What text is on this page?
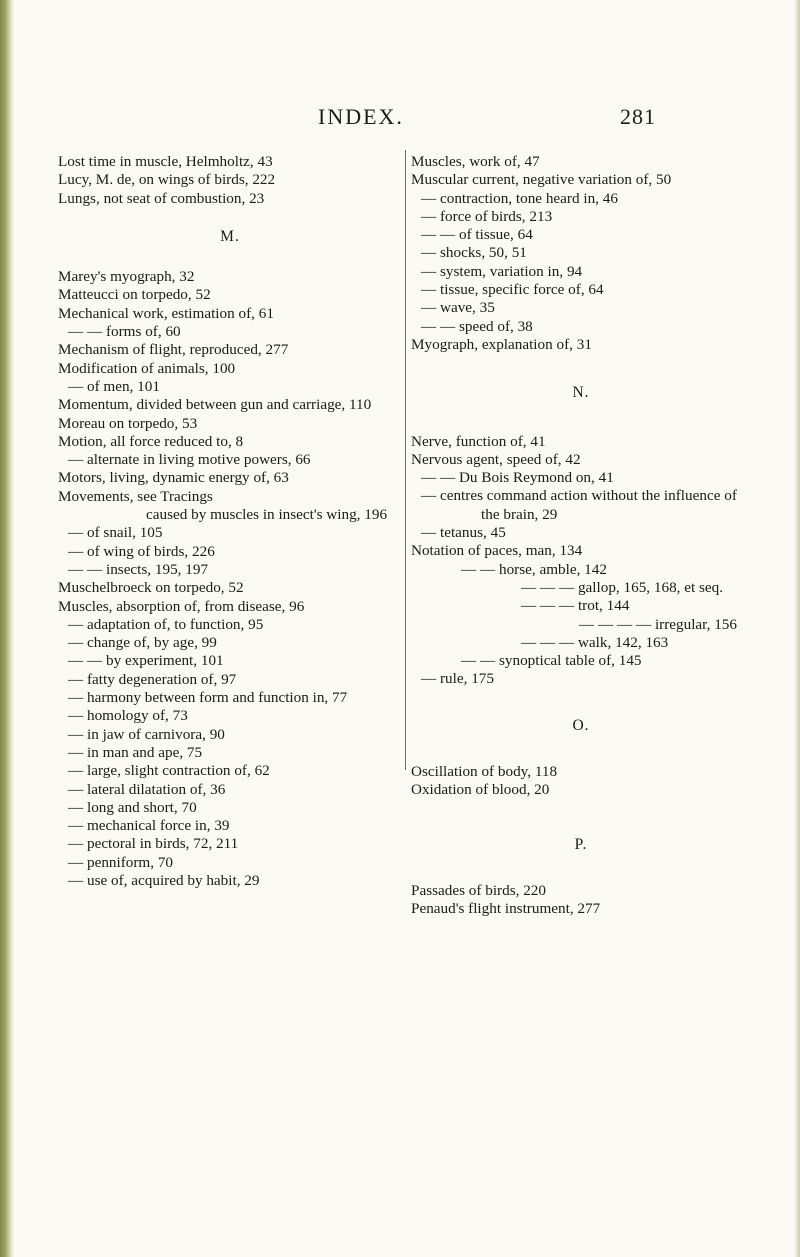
INDEX.	281
Lost time in muscle, Helmholtz, 43
Lucy, M. de, on wings of birds, 222
Lungs, not seat of combustion, 23
M.
Marey's myograph, 32
Matteucci on torpedo, 52
Mechanical work, estimation of, 61
— — forms of, 60
Mechanism of flight, reproduced, 277
Modification of animals, 100
— of men, 101
Momentum, divided between gun and carriage, 110
Moreau on torpedo, 53
Motion, all force reduced to, 8
— alternate in living motive powers, 66
Motors, living, dynamic energy of, 63
Movements, see Tracings
caused by muscles in insect's wing, 196
— of snail, 105
— of wing of birds, 226
— — insects, 195, 197
Muschelbroeck on torpedo, 52
Muscles, absorption of, from disease, 96
— adaptation of, to function, 95
— change of, by age, 99
— — by experiment, 101
— fatty degeneration of, 97
— harmony between form and function in, 77
— homology of, 73
— in jaw of carnivora, 90
— in man and ape, 75
— large, slight contraction of, 62
— lateral dilatation of, 36
— long and short, 70
— mechanical force in, 39
— pectoral in birds, 72, 211
— penniform, 70
— use of, acquired by habit, 29
Muscles, work of, 47
Muscular current, negative variation of, 50
— contraction, tone heard in, 46
— force of birds, 213
— — of tissue, 64
— shocks, 50, 51
— system, variation in, 94
— tissue, specific force of, 64
— wave, 35
— — speed of, 38
Myograph, explanation of, 31
N.
Nerve, function of, 41
Nervous agent, speed of, 42
— — Du Bois Reymond on, 41
— centres command action without the influence of the brain, 29
— tetanus, 45
Notation of paces, man, 134
— — horse, amble, 142
— — — gallop, 165, 168, et seq.
— — — trot, 144
— — — — irregular, 156
— — — walk, 142, 163
— — synoptical table of, 145
— rule, 175
O.
Oscillation of body, 118
Oxidation of blood, 20
P.
Passades of birds, 220
Penaud's flight instrument, 277
